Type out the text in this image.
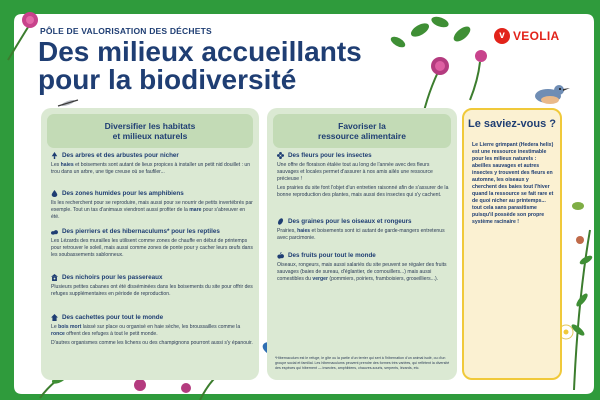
PÔLE DE VALORISATION DES DÉCHETS
Des milieux accueillants
pour la biodiversité
v VEOLIA
Diversifier les habitats
et milieux naturels
Des arbres et des arbustes pour nicher

Les haies et boisements sont autant de lieux propices à installer un petit nid douillet : un trou dans un arbre, une tige creuse où se faufiler...

Des zones humides pour les amphibiens

Ils les recherchent pour se reproduire, mais aussi pour se nourrir de petits invertébrés par exemple. Tout un tas d'animaux viendront aussi profiter de la mare pour s'abreuver en été.

Des pierriers et des hibernaculums* pour les reptiles

Les Lézards des murailles les utilisent comme zones de chauffe en début de printemps pour retrouver le soleil, mais aussi comme zones de ponte pour y cacher leurs œufs dans les soubassements sablonneux.

Des nichoirs pour les passereaux

Plusieurs petites cabanes ont été disséminées dans les boisements du site pour offrir des refuges supplémentaires en période de reproduction.

Des cachettes pour tout le monde

Le bois mort laissé sur place ou organisé en haie sèche, les broussailles comme la ronce offrent des refuges à tout le petit monde.

D'autres organismes comme les lichens ou des champignons pourront aussi s'y épanouir.

Favoriser la
ressource alimentaire
Des fleurs pour les insectes

Une offre de floraison étalée tout au long de l'année avec des fleurs sauvages et locales permet d'assurer à nos amis ailés une ressource précieuse !

Les prairies du site font l'objet d'un entretien raisonné afin de s'assurer de la bonne reproduction des plantes, mais aussi des insectes qui s'y cachent.

Des graines pour les oiseaux et rongeurs

Prairies, haies et boisements sont ici autant de garde-mangers entretenus avec parcimonie.

Des fruits pour tout le monde

Oiseaux, rongeurs, mais aussi salariés du site peuvent se régaler des fruits sauvages (baies de sureau, d'églantier, de cornouillers...) mais aussi comestibles du verger (pommiers, poiriers, framboisiers, groseilliers...).

*Hibernaculum est le refuge, le gîte ou la partie d'un terrier qui sert à l'hibernation d'un animal isolé, ou d'un groupe social et familial. Les hibernaculums peuvent prendre des formes très variées, qui reflètent la diversité des espèces qui hibernent — insectes, amphibiens, chauves-souris, serpents, lézards, etc.
Le saviez-vous ?
Le Lierre grimpant (Hedera helix) est une ressource inestimable pour les milieux naturels : abeilles sauvages et autres insectes y trouvent des fleurs en automne, les oiseaux y cherchent des baies tout l'hiver quand la ressource se fait rare et de quoi nicher au printemps... tout cela sans parasitisme puisqu'il possède son propre système racinaire !
